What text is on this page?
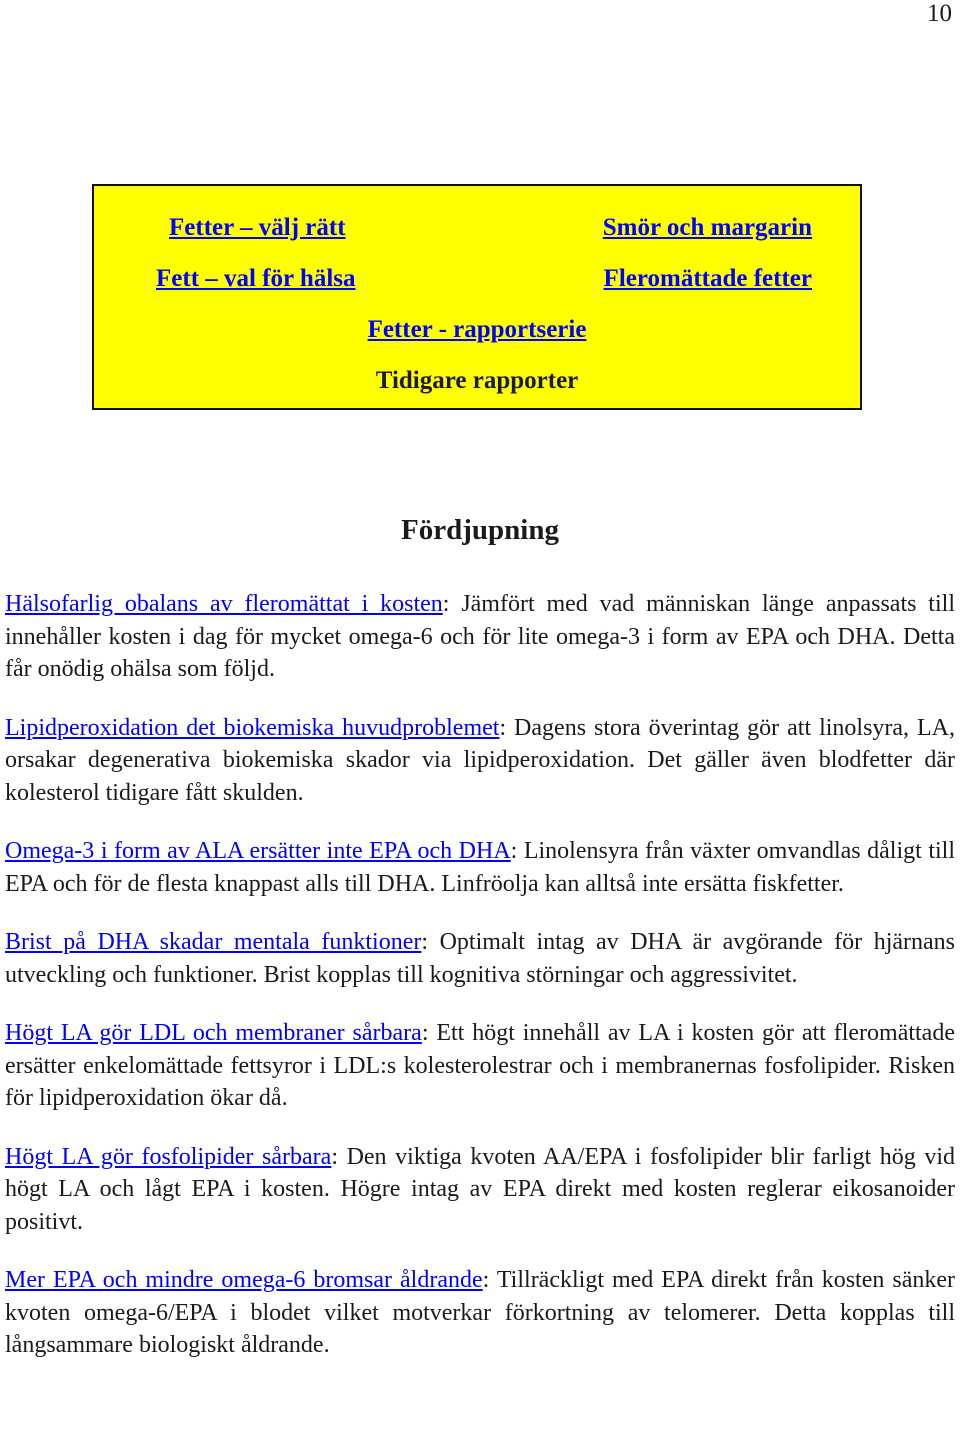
10
Fetter – välj rätt	Smör och margarin
Fett – val för hälsa	Fleromättade fetter
Fetter - rapportserie
Tidigare rapporter
Fördjupning

Hälsofarlig obalans av fleromättat i kosten: Jämfört med vad människan länge anpassats till innehåller kosten i dag för mycket omega-6 och för lite omega-3 i form av EPA och DHA. Detta får onödig ohälsa som följd.

Lipidperoxidation det biokemiska huvudproblemet: Dagens stora överintag gör att linolsyra, LA, orsakar degenerativa biokemiska skador via lipidperoxidation. Det gäller även blodfetter där kolesterol tidigare fått skulden.

Omega-3 i form av ALA ersätter inte EPA och DHA: Linolensyra från växter omvandlas dåligt till EPA och för de flesta knappast alls till DHA. Linfröolja kan alltså inte ersätta fiskfetter.

Brist på DHA skadar mentala funktioner: Optimalt intag av DHA är avgörande för hjärnans utveckling och funktioner. Brist kopplas till kognitiva störningar och aggressivitet.

Högt LA gör LDL och membraner sårbara: Ett högt innehåll av LA i kosten gör att fleromättade ersätter enkelomättade fettsyror i LDL:s kolesterolestrar och i membranernas fosfolipider. Risken för lipidperoxidation ökar då.

Högt LA gör fosfolipider sårbara: Den viktiga kvoten AA/EPA i fosfolipider blir farligt hög vid högt LA och lågt EPA i kosten. Högre intag av EPA direkt med kosten reglerar eikosanoider positivt.

Mer EPA och mindre omega-6 bromsar åldrande: Tillräckligt med EPA direkt från kosten sänker kvoten omega-6/EPA i blodet vilket motverkar förkortning av telomerer. Detta kopplas till långsammare biologiskt åldrande.
